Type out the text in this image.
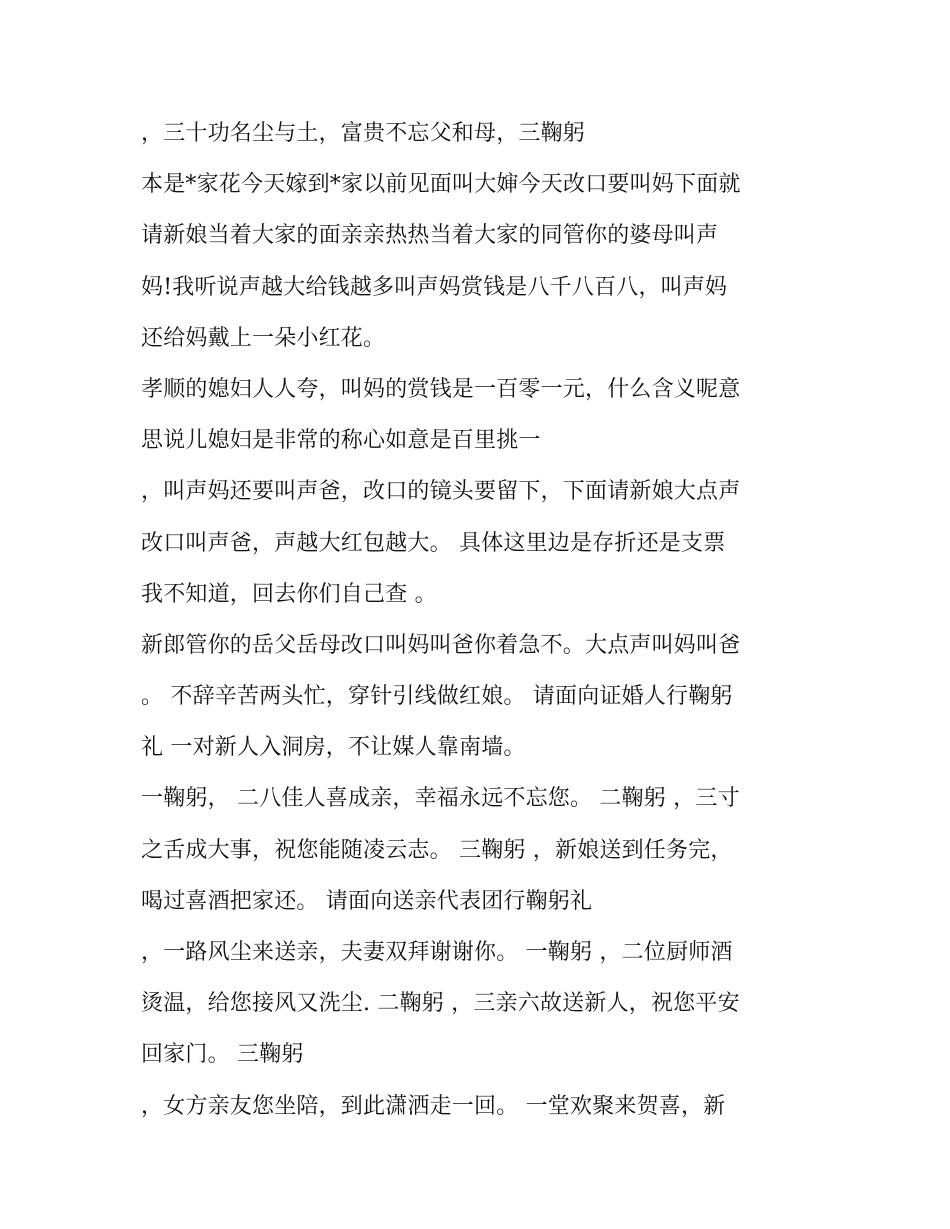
，三十功名尘与土，富贵不忘父和母，三鞠躬
本是*家花今天嫁到*家以前见面叫大婶今天改口要叫妈下面就
请新娘当着大家的面亲亲热热当着大家的同管你的婆母叫声
妈!我听说声越大给钱越多叫声妈赏钱是八千八百八，叫声妈
还给妈戴上一朵小红花。
孝顺的媳妇人人夸，叫妈的赏钱是一百零一元，什么含义呢意
思说儿媳妇是非常的称心如意是百里挑一
，叫声妈还要叫声爸，改口的镜头要留下，下面请新娘大点声
改口叫声爸，声越大红包越大。 具体这里边是存折还是支票
我不知道，回去你们自己查 。
新郎管你的岳父岳母改口叫妈叫爸你着急不。大点声叫妈叫爸
。 不辞辛苦两头忙，穿针引线做红娘。 请面向证婚人行鞠躬
礼 一对新人入洞房，不让媒人靠南墙。
一鞠躬， 二八佳人喜成亲，幸福永远不忘您。 二鞠躬 ，三寸
之舌成大事，祝您能随凌云志。 三鞠躬 ，新娘送到任务完，
喝过喜酒把家还。 请面向送亲代表团行鞠躬礼
，一路风尘来送亲，夫妻双拜谢谢你。 一鞠躬 ，二位厨师酒
烫温，给您接风又洗尘. 二鞠躬 ，三亲六故送新人，祝您平安
回家门。 三鞠躬
，女方亲友您坐陪，到此潇洒走一回。 一堂欢聚来贺喜，新
